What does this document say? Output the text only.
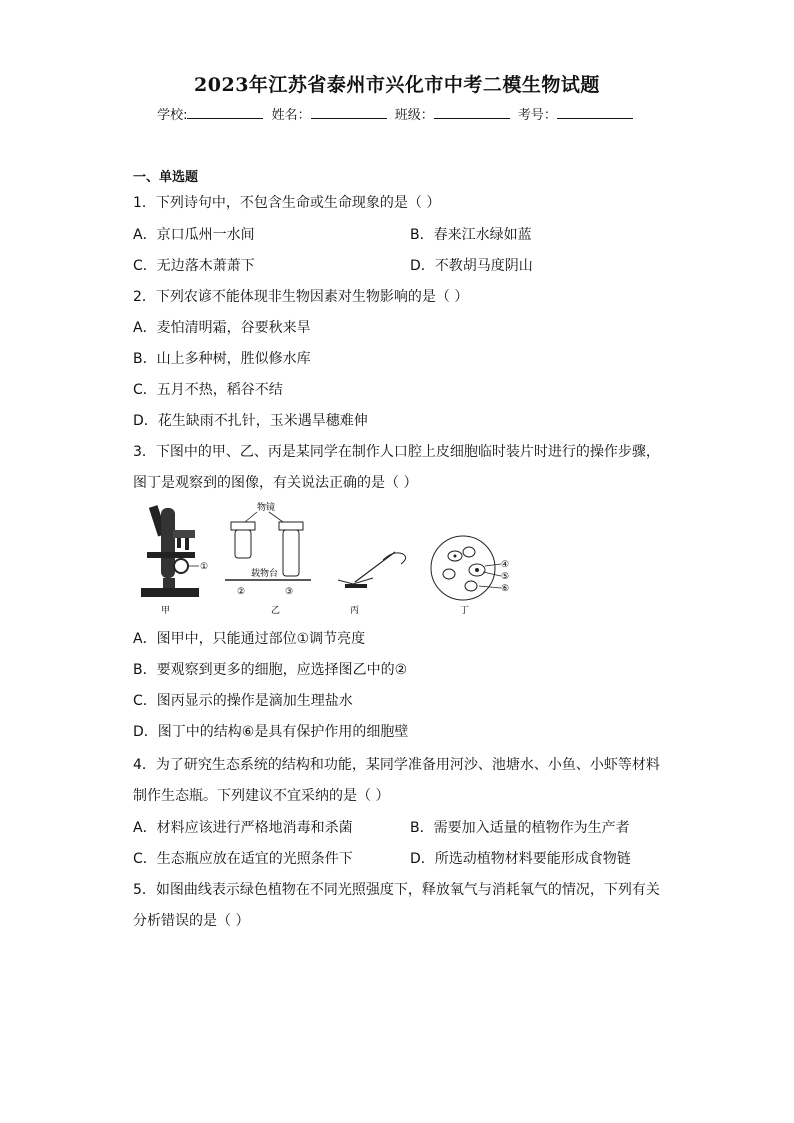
2023年江苏省泰州市兴化市中考二模生物试题
学校:	姓名：	班级：	考号：
一、单选题
1．下列诗句中，不包含生命或生命现象的是（ ）
A．京口瓜州一水间	B．春来江水绿如蓝
C．无边落木萧萧下	D．不教胡马度阴山
2．下列农谚不能体现非生物因素对生物影响的是（ ）
A．麦怕清明霜，谷要秋来旱
B．山上多种树，胜似修水库
C．五月不热，稻谷不结
D．花生缺雨不扎针，玉米遇旱穗难伸
3．下图中的甲、乙、丙是某同学在制作人口腔上皮细胞临时装片时进行的操作步骤，
图丁是观察到的图像，有关说法正确的是（ ）
①
甲
物镜
载物台
②	③
乙	丙
④
⑤
⑥
丁
A．图甲中，只能通过部位①调节亮度
B．要观察到更多的细胞，应选择图乙中的②
C．图丙显示的操作是滴加生理盐水
D．图丁中的结构⑥是具有保护作用的细胞壁
4．为了研究生态系统的结构和功能，某同学准备用河沙、池塘水、小鱼、小虾等材料
制作生态瓶。下列建议不宜采纳的是（ ）
A．材料应该进行严格地消毒和杀菌	B．需要加入适量的植物作为生产者
C．生态瓶应放在适宜的光照条件下	D．所选动植物材料要能形成食物链
5．如图曲线表示绿色植物在不同光照强度下，释放氧气与消耗氧气的情况，下列有关
分析错误的是（ ）
